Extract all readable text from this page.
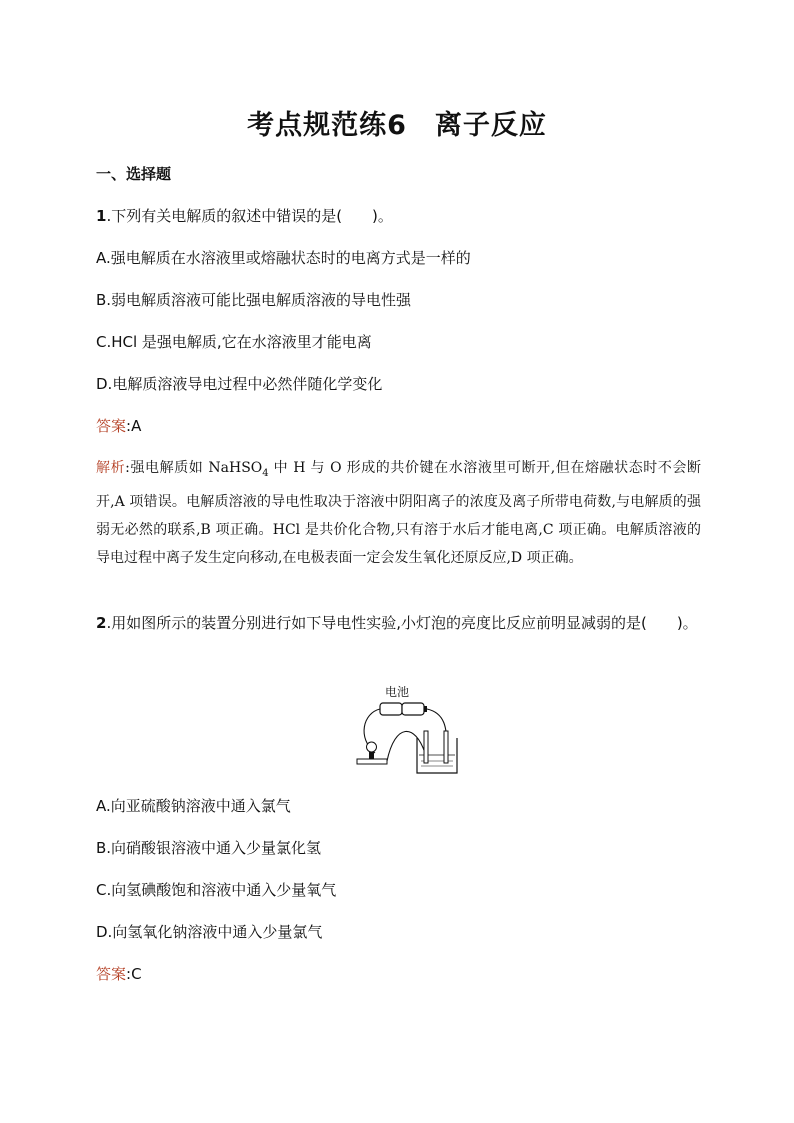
考点规范练6　离子反应
一、选择题
1.下列有关电解质的叙述中错误的是(　　)。
A.强电解质在水溶液里或熔融状态时的电离方式是一样的
B.弱电解质溶液可能比强电解质溶液的导电性强
C.HCl 是强电解质,它在水溶液里才能电离
D.电解质溶液导电过程中必然伴随化学变化
答案:A
解析:强电解质如 NaHSO$_4$ 中 H 与 O 形成的共价键在水溶液里可断开,但在熔融状态时不会断开,A 项错误。电解质溶液的导电性取决于溶液中阴阳离子的浓度及离子所带电荷数,与电解质的强弱无必然的联系,B 项正确。HCl 是共价化合物,只有溶于水后才能电离,C 项正确。电解质溶液的导电过程中离子发生定向移动,在电极表面一定会发生氧化还原反应,D 项正确。
2.用如图所示的装置分别进行如下导电性实验,小灯泡的亮度比反应前明显减弱的是(　　)。
电池
A.向亚硫酸钠溶液中通入氯气
B.向硝酸银溶液中通入少量氯化氢
C.向氢碘酸饱和溶液中通入少量氧气
D.向氢氧化钠溶液中通入少量氯气
答案:C
